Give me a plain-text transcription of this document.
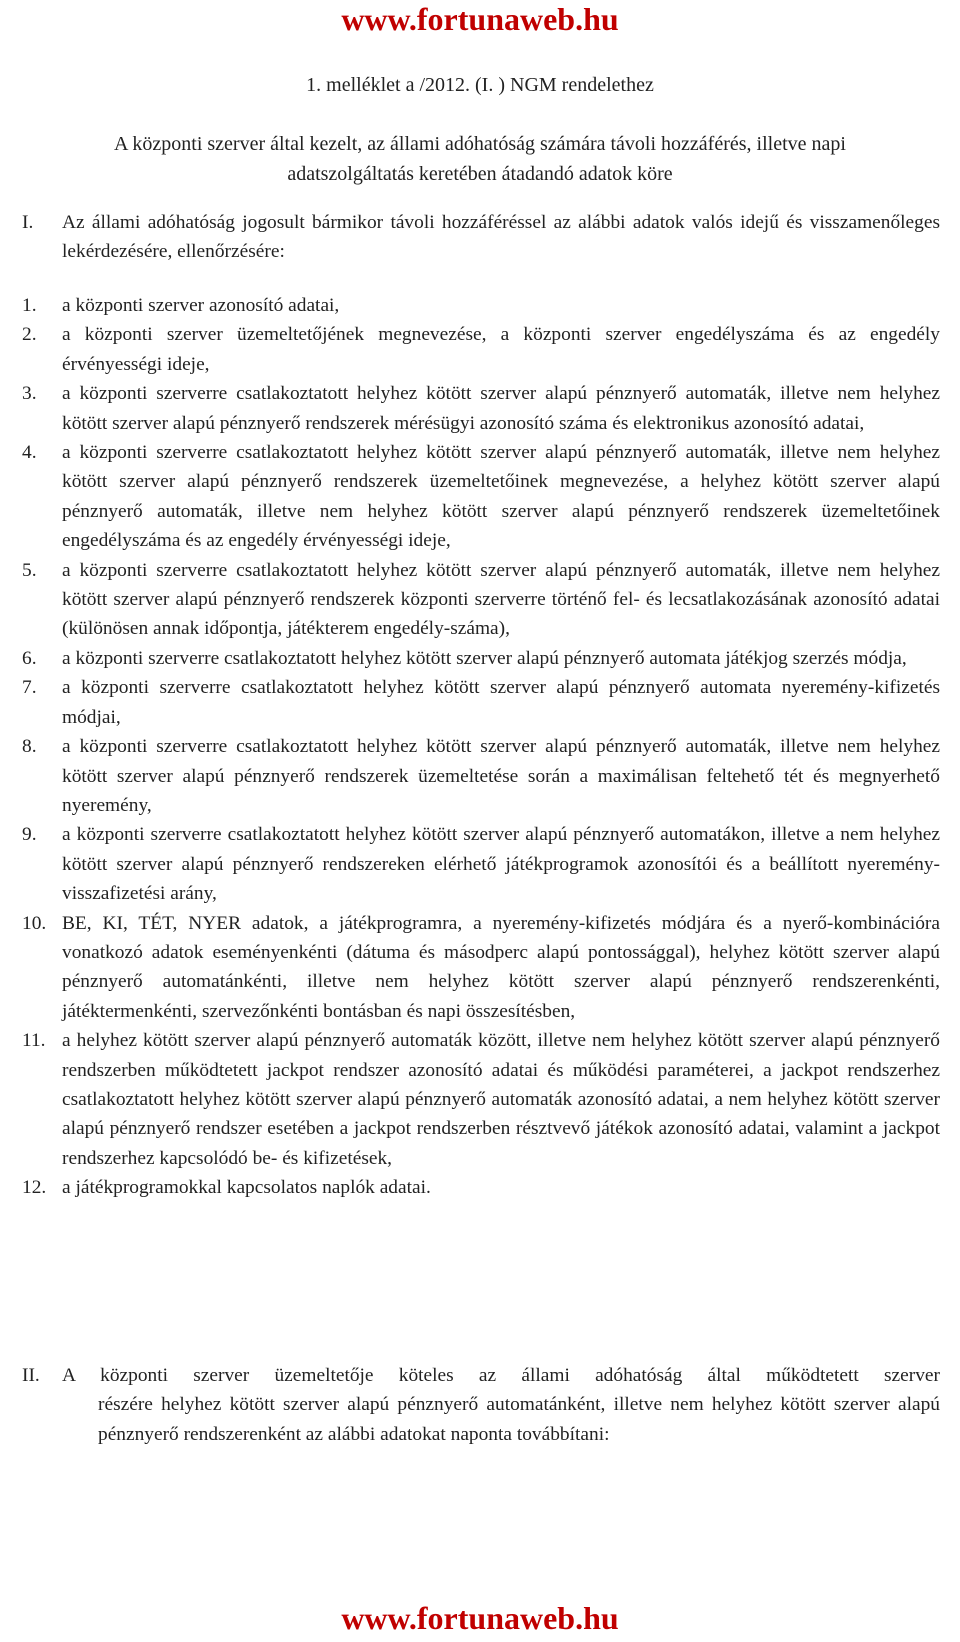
www.fortunaweb.hu

1. melléklet a /2012. (I. ) NGM rendelethez

A központi szerver által kezelt, az állami adóhatóság számára távoli hozzáférés, illetve napi

adatszolgáltatás keretében átadandó adatok köre

I.	Az állami adóhatóság jogosult bármikor távoli hozzáféréssel az alábbi adatok valós idejű és visszamenőleges lekérdezésére, ellenőrzésére:
1.	a központi szerver azonosító adatai,
2.	a központi szerver üzemeltetőjének megnevezése, a központi szerver engedélyszáma és az engedély érvényességi ideje,
3.	a központi szerverre csatlakoztatott helyhez kötött szerver alapú pénznyerő automaták, illetve nem helyhez kötött szerver alapú pénznyerő rendszerek mérésügyi azonosító száma és elektronikus azonosító adatai,
4.	a központi szerverre csatlakoztatott helyhez kötött szerver alapú pénznyerő automaták, illetve nem helyhez kötött szerver alapú pénznyerő rendszerek üzemeltetőinek megnevezése, a helyhez kötött szerver alapú pénznyerő automaták, illetve nem helyhez kötött szerver alapú pénznyerő rendszerek üzemeltetőinek engedélyszáma és az engedély érvényességi ideje,
5.	a központi szerverre csatlakoztatott helyhez kötött szerver alapú pénznyerő automaták, illetve nem helyhez kötött szerver alapú pénznyerő rendszerek központi szerverre történő fel- és lecsatlakozásának azonosító adatai (különösen annak időpontja, játékterem engedély-száma),
6.	a központi szerverre csatlakoztatott helyhez kötött szerver alapú pénznyerő automata játékjog szerzés módja,
7.	a központi szerverre csatlakoztatott helyhez kötött szerver alapú pénznyerő automata nyeremény-kifizetés módjai,
8.	a központi szerverre csatlakoztatott helyhez kötött szerver alapú pénznyerő automaták, illetve nem helyhez kötött szerver alapú pénznyerő rendszerek üzemeltetése során a maximálisan feltehető tét és megnyerhető nyeremény,
9.	a központi szerverre csatlakoztatott helyhez kötött szerver alapú pénznyerő automatákon, illetve a nem helyhez kötött szerver alapú pénznyerő rendszereken elérhető játékprogramok azonosítói és a beállított nyeremény-visszafizetési arány,
10. BE, KI, TÉT, NYER adatok, a játékprogramra, a nyeremény-kifizetés módjára és a nyerő-kombinációra vonatkozó adatok eseményenkénti (dátuma és másodperc alapú pontossággal), helyhez kötött szerver alapú pénznyerő automatánkénti, illetve nem helyhez kötött szerver alapú pénznyerő rendszerenkénti, játéktermenkénti, szervezőnkénti bontásban és napi összesítésben,
11. a helyhez kötött szerver alapú pénznyerő automaták között, illetve nem helyhez kötött szerver alapú pénznyerő rendszerben működtetett jackpot rendszer azonosító adatai és működési paraméterei, a jackpot rendszerhez csatlakoztatott helyhez kötött szerver alapú pénznyerő automaták azonosító adatai, a nem helyhez kötött szerver alapú pénznyerő rendszer esetében a jackpot rendszerben résztvevő játékok azonosító adatai, valamint a jackpot rendszerhez kapcsolódó be- és kifizetések,
12. a játékprogramokkal kapcsolatos naplók adatai.
II.	A központi szerver üzemeltetője köteles az állami adóhatóság által működtetett szerver
részére helyhez kötött szerver alapú pénznyerő automatánként, illetve nem helyhez kötött szerver alapú pénznyerő rendszerenként az alábbi adatokat naponta továbbítani:
www.fortunaweb.hu
